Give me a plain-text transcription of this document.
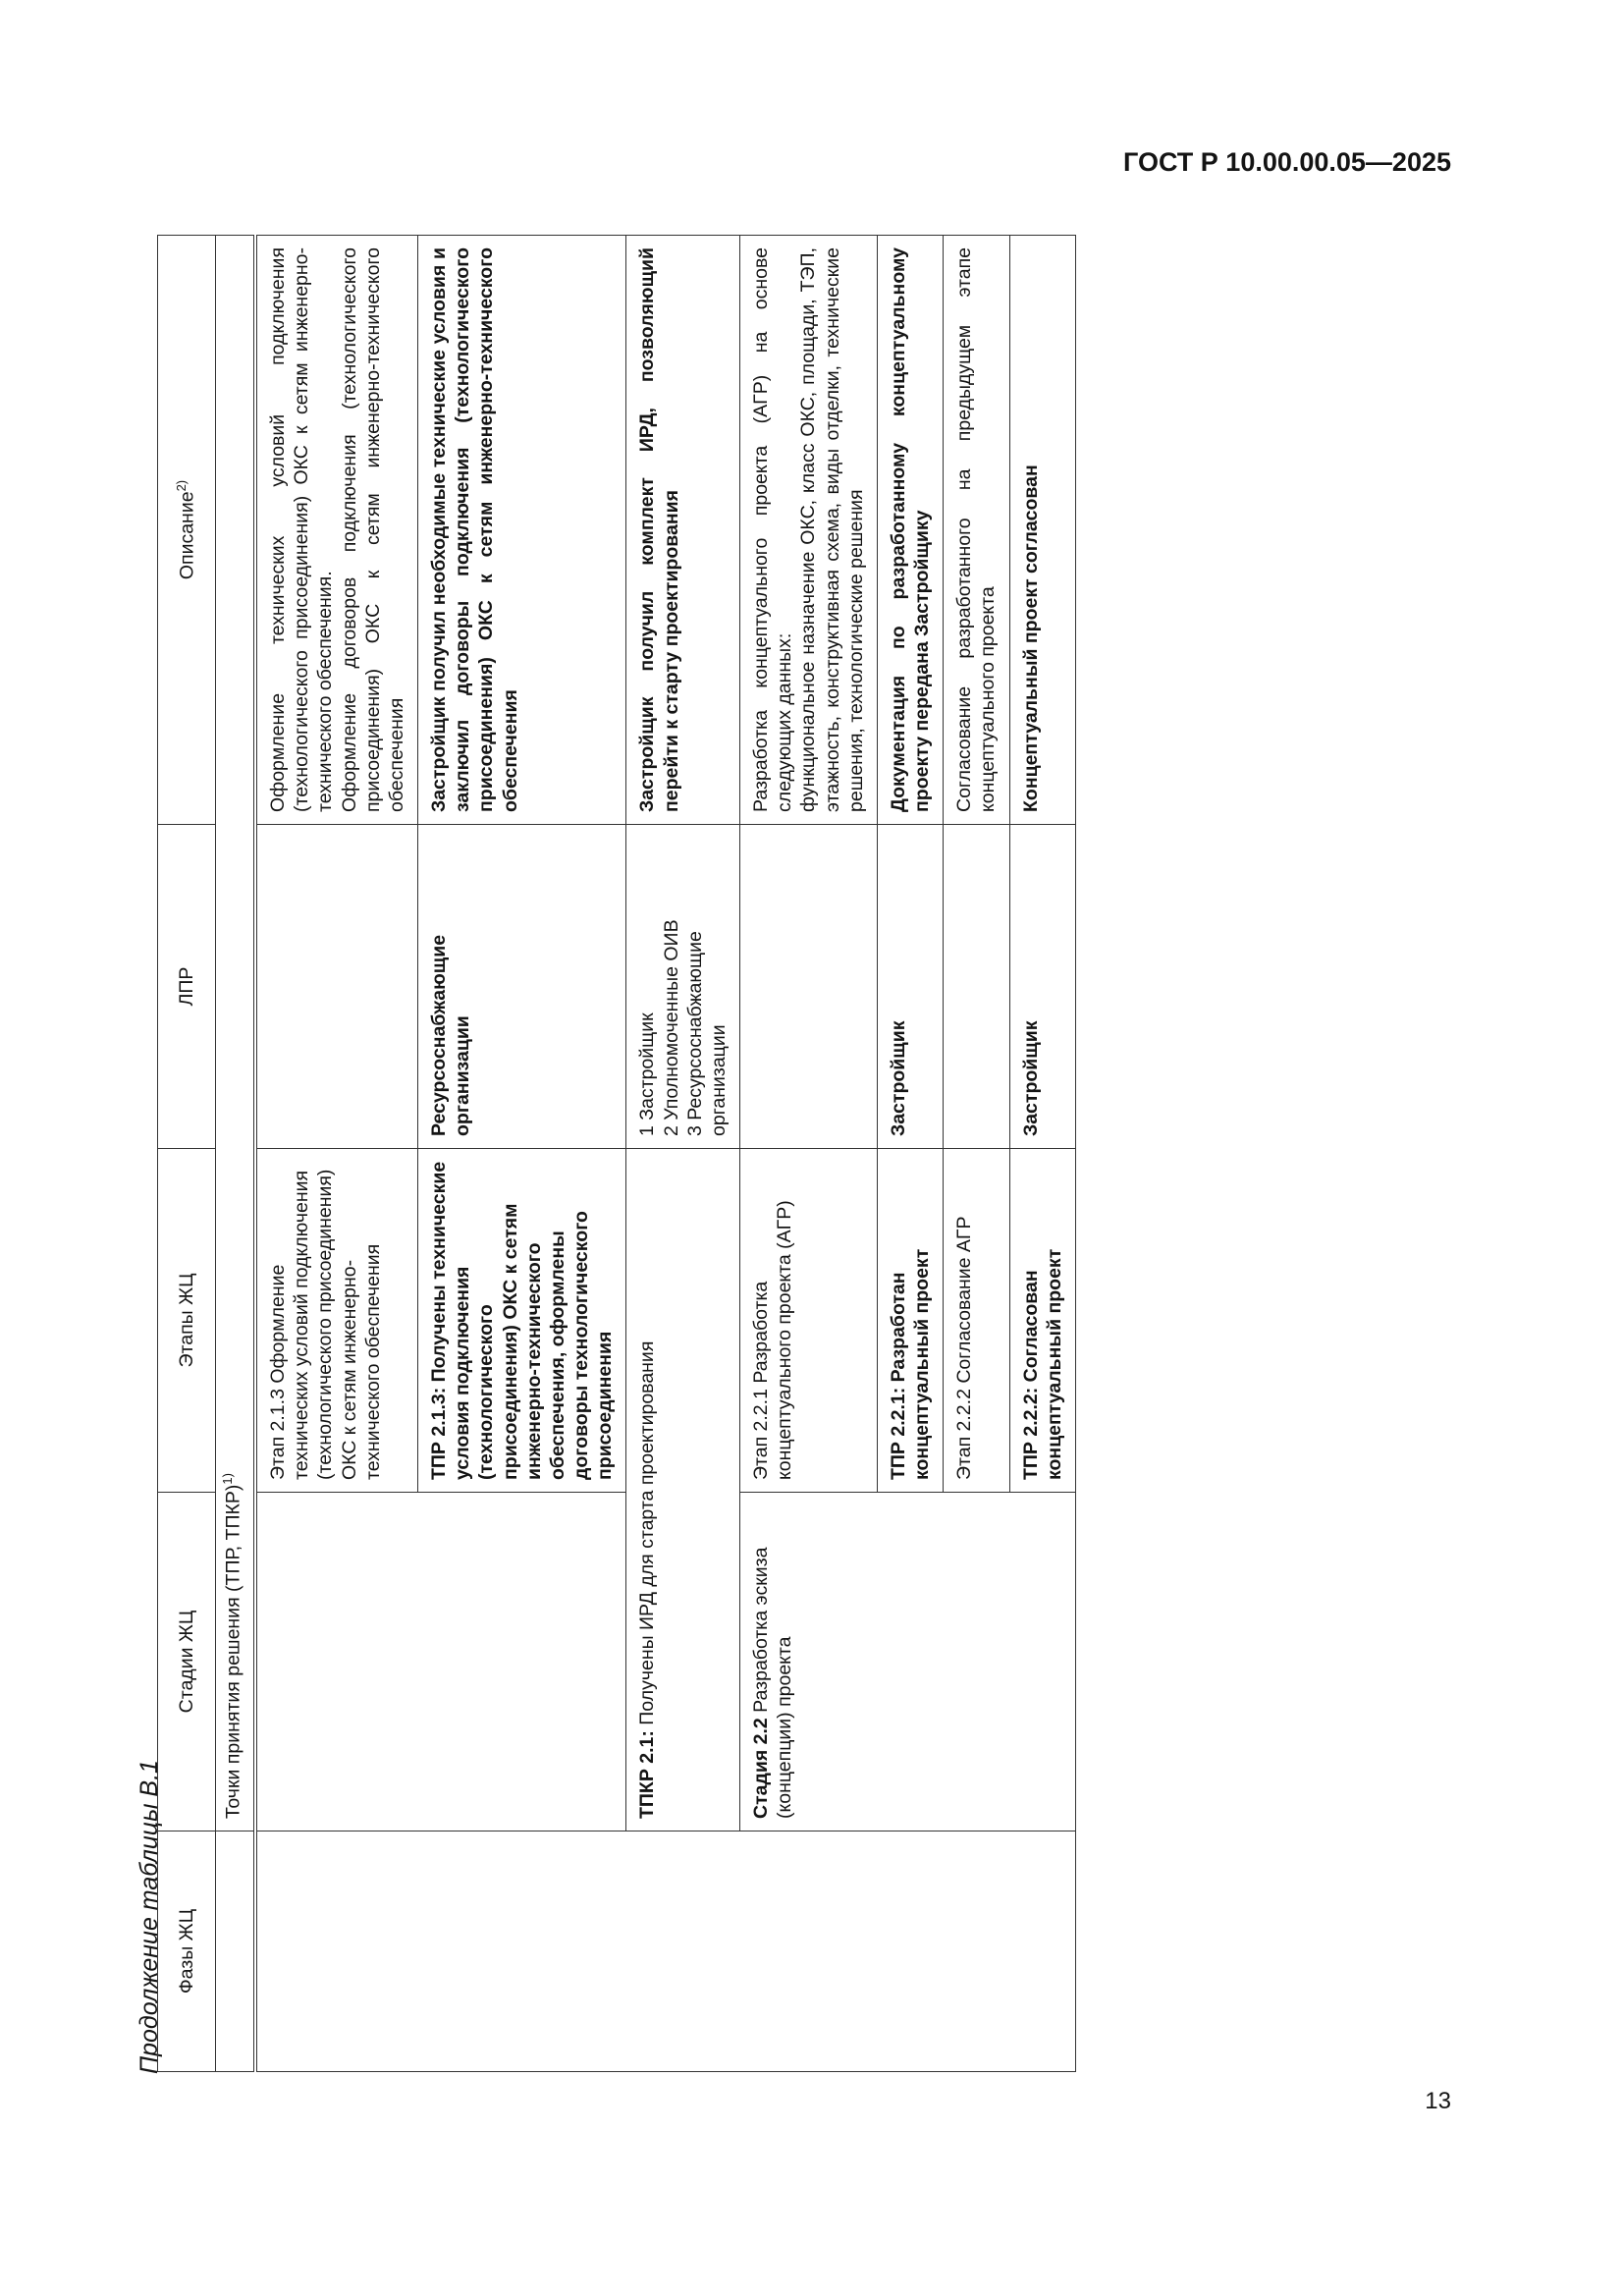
ГОСТ Р 10.00.00.05—2025
Продолжение таблицы В.1 Фазы ЖЦ	Стадии ЖЦ	Этапы ЖЦ	ЛПР	Описание$^{2)}$
	Точки принятия решения (ТПР, ТПКР)$^{1)}$
		Этап 2.1.3 Оформление технических условий подключения (технологического присоединения) ОКС к сетям инженерно-технического обеспечения		Оформление технических условий подключения (технологического присоединения) ОКС к сетям инженерно-технического обеспечения. Оформление договоров подключения (технологического присоединения) ОКС к сетям инженерно-технического обеспечения

		ТПР 2.1.3: Получены технические условия подключения (технологического присоединения) ОКС к сетям инженерно-технического обеспечения, оформлены договоры технологического присоединения	Ресурсоснабжающие организации	Застройщик получил необходимые технические условия и заключил договоры подключения (технологического присоединения) ОКС к сетям инженерно-технического обеспечения
	ТПКР 2.1: Получены ИРД для старта проектирования		1 Застройщик 2 Уполномоченные ОИВ 3 Ресурсоснабжающие организации	Застройщик получил комплект ИРД, позволяющий перейти к старту проектирования
	Стадия 2.2 Разработка эскиза (концепции) проекта	Этап 2.2.1 Разработка концептуального проекта (АГР)		Разработка концептуального проекта (АГР) на основе следующих данных: функциональное назначение ОКС, класс ОКС, площади, ТЭП, этажность, конструктивная схема, виды отделки, технические решения, технологические решения

		ТПР 2.2.1: Разработан концептуальный проект	Застройщик	Документация по разработанному концептуальному проекту передана Застройщику
		Этап 2.2.2 Согласование АГР		Согласование разработанного на предыдущем этапе концептуального проекта
		ТПР 2.2.2: Согласован концептуальный проект	Застройщик	Концептуальный проект согласован
13
